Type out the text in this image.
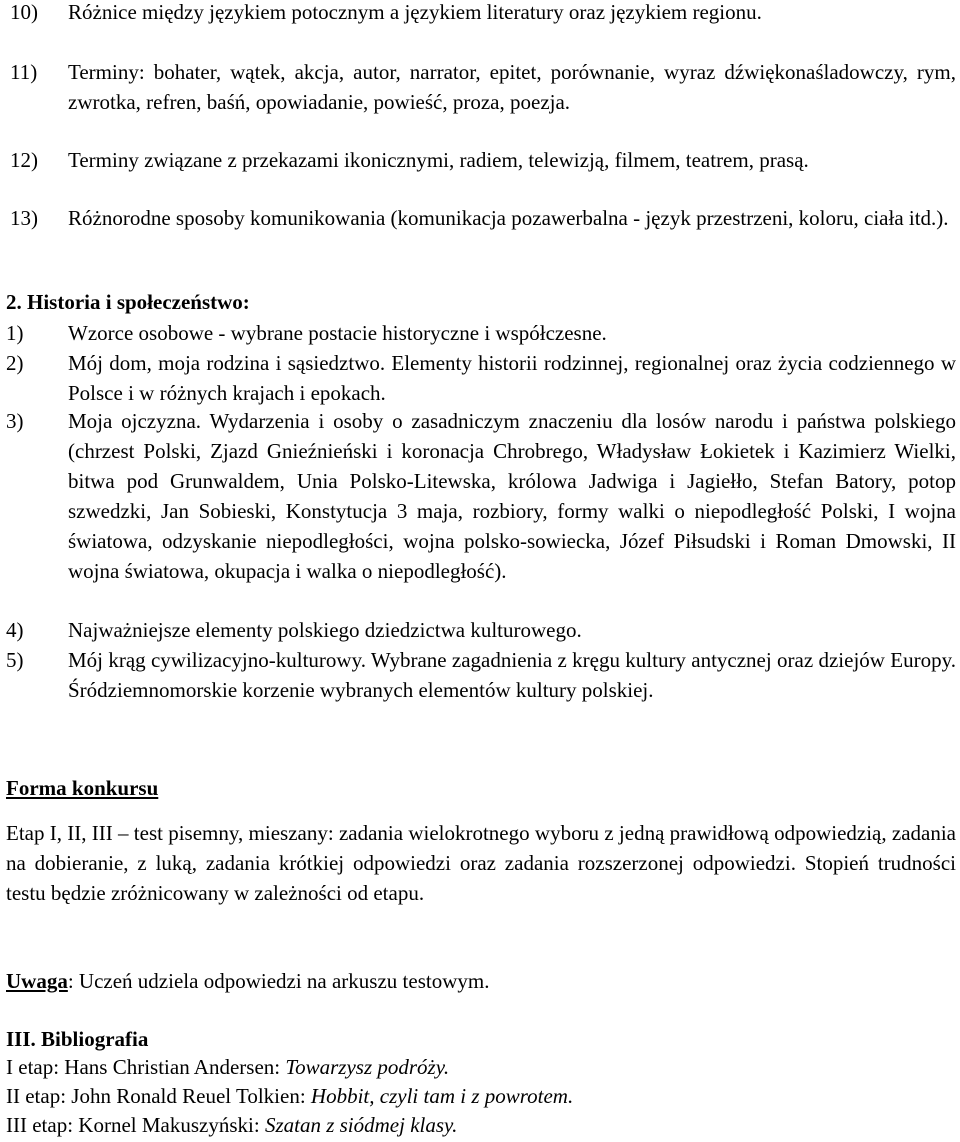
10) Różnice między językiem potocznym a językiem literatury oraz językiem regionu.
11) Terminy: bohater, wątek, akcja, autor, narrator, epitet, porównanie, wyraz dźwiękonaśladowczy, rym, zwrotka, refren, baśń, opowiadanie, powieść, proza, poezja.
12) Terminy związane z przekazami ikonicznymi, radiem, telewizją, filmem, teatrem, prasą.
13) Różnorodne sposoby komunikowania (komunikacja pozawerbalna - język przestrzeni, koloru, ciała itd.).
2. Historia i społeczeństwo:
1) Wzorce osobowe - wybrane postacie historyczne i współczesne.
2) Mój dom, moja rodzina i sąsiedztwo. Elementy historii rodzinnej, regionalnej oraz życia codziennego w Polsce i w różnych krajach i epokach.
3) Moja ojczyzna. Wydarzenia i osoby o zasadniczym znaczeniu dla losów narodu i państwa polskiego (chrzest Polski, Zjazd Gnieźnieński i koronacja Chrobrego, Władysław Łokietek i Kazimierz Wielki, bitwa pod Grunwaldem, Unia Polsko-Litewska, królowa Jadwiga i Jagiełło, Stefan Batory, potop szwedzki, Jan Sobieski, Konstytucja 3 maja, rozbiory, formy walki o niepodległość Polski, I wojna światowa, odzyskanie niepodległości, wojna polsko-sowiecka, Józef Piłsudski i Roman Dmowski, II wojna światowa, okupacja i walka o niepodległość).
4) Najważniejsze elementy polskiego dziedzictwa kulturowego.
5) Mój krąg cywilizacyjno-kulturowy. Wybrane zagadnienia z kręgu kultury antycznej oraz dziejów Europy. Śródziemnomorskie korzenie wybranych elementów kultury polskiej.
Forma konkursu
Etap I, II, III – test pisemny, mieszany: zadania wielokrotnego wyboru z jedną prawidłową odpowiedzią, zadania na dobieranie, z luką, zadania krótkiej odpowiedzi oraz zadania rozszerzonej odpowiedzi. Stopień trudności testu będzie zróżnicowany w zależności od etapu.
Uwaga: Uczeń udziela odpowiedzi na arkuszu testowym.
III. Bibliografia
I etap: Hans Christian Andersen: Towarzysz podróży.
II etap: John Ronald Reuel Tolkien: Hobbit, czyli tam i z powrotem.
III etap: Kornel Makuszyński: Szatan z siódmej klasy.
